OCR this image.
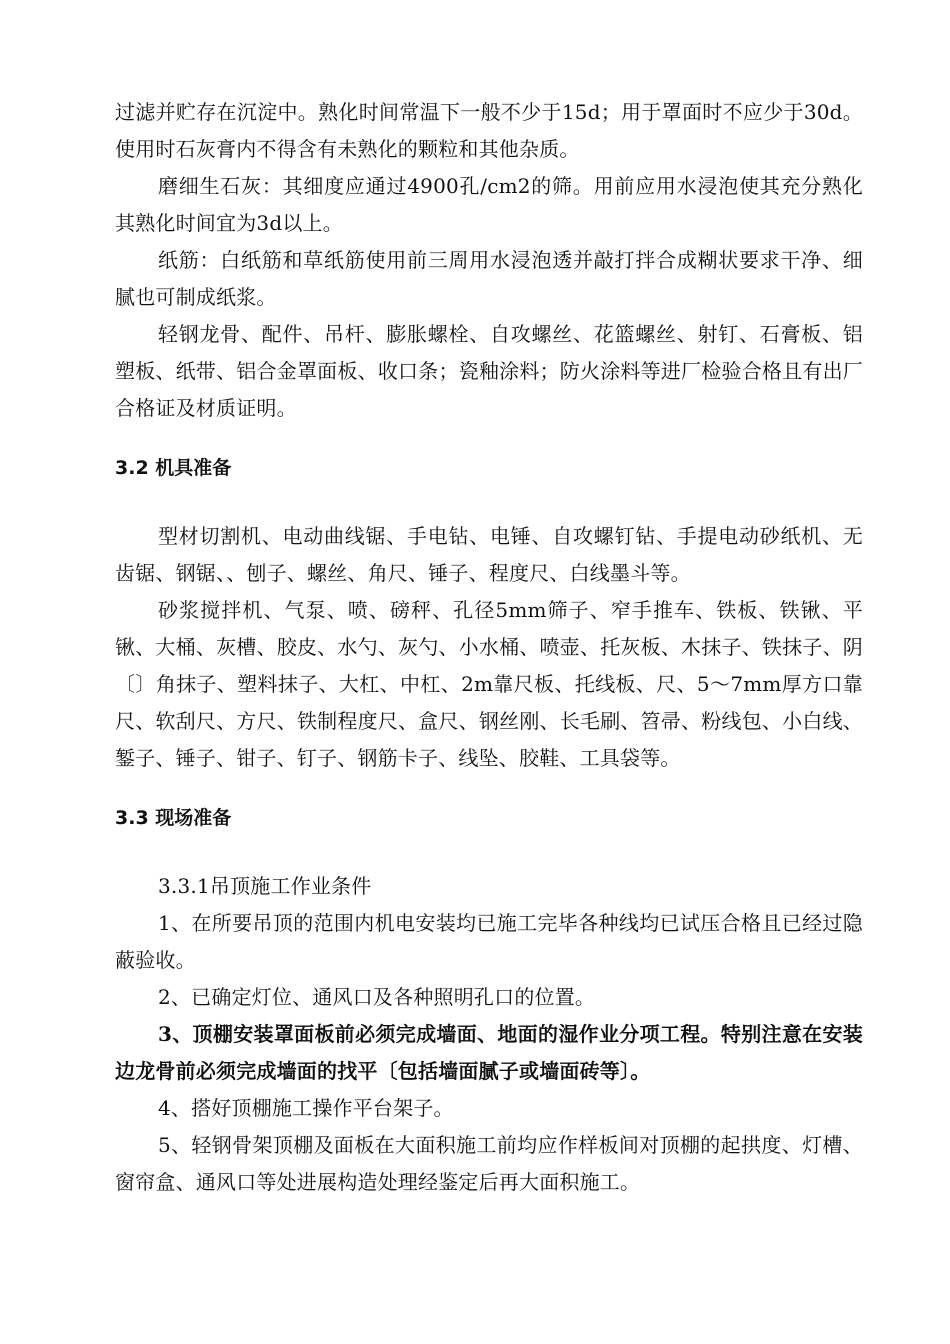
过滤并贮存在沉淀中。熟化时间常温下一般不少于15d；用于罩面时不应少于30d。使用时石灰膏内不得含有未熟化的颗粒和其他杂质。

磨细生石灰：其细度应通过4900孔/cm2的筛。用前应用水浸泡使其充分熟化其熟化时间宜为3d以上。

纸筋：白纸筋和草纸筋使用前三周用水浸泡透并敲打拌合成糊状要求干净、细腻也可制成纸浆。

轻钢龙骨、配件、吊杆、膨胀螺栓、自攻螺丝、花篮螺丝、射钉、石膏板、铝塑板、纸带、铝合金罩面板、收口条；瓷釉涂料；防火涂料等进厂检验合格且有出厂合格证及材质证明。

3.2 机具准备

型材切割机、电动曲线锯、手电钻、电锤、自攻螺钉钻、手提电动砂纸机、无齿锯、钢锯、、刨子、螺丝、角尺、锤子、程度尺、白线墨斗等。

砂浆搅拌机、气泵、喷、磅秤、孔径5mm筛子、窄手推车、铁板、铁锹、平锹、大桶、灰槽、胶皮、水勺、灰勺、小水桶、喷壶、托灰板、木抹子、铁抹子、阴〔〕角抹子、塑料抹子、大杠、中杠、2m靠尺板、托线板、尺、5～7mm厚方口靠尺、软刮尺、方尺、铁制程度尺、盒尺、钢丝刚、长毛刷、笤帚、粉线包、小白线、錾子、锤子、钳子、钉子、钢筋卡子、线坠、胶鞋、工具袋等。

3.3 现场准备

3.3.1吊顶施工作业条件

1、在所要吊顶的范围内机电安装均已施工完毕各种线均已试压合格且已经过隐蔽验收。

2、已确定灯位、通风口及各种照明孔口的位置。

3、顶棚安装罩面板前必须完成墙面、地面的湿作业分项工程。特别注意在安装边龙骨前必须完成墙面的找平〔包括墙面腻子或墙面砖等〕。

4、搭好顶棚施工操作平台架子。

5、轻钢骨架顶棚及面板在大面积施工前均应作样板间对顶棚的起拱度、灯槽、窗帘盒、通风口等处进展构造处理经鉴定后再大面积施工。
